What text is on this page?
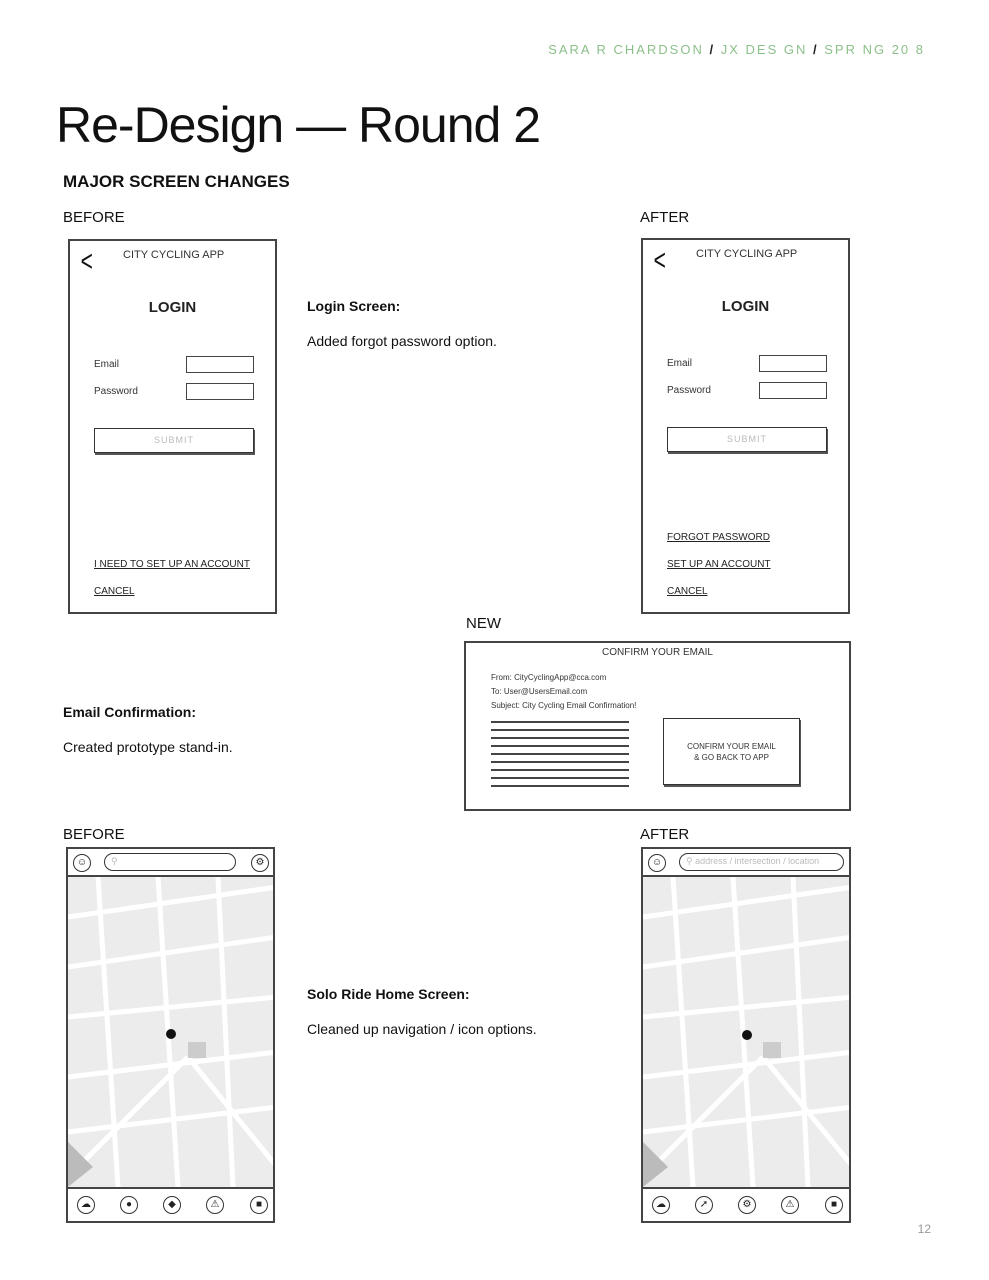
SARA R CHARDSON / JX DES GN / SPR NG 20 8
Re-Design — Round 2
MAJOR SCREEN CHANGES
BEFORE	AFTER
<	CITY CYCLING APP
LOGIN
Email
Password
SUBMIT
I NEED TO SET UP AN ACCOUNT
CANCEL
Login Screen:
Added forgot password option.
<	CITY CYCLING APP
LOGIN
Email
Password
SUBMIT
FORGOT PASSWORD
SET UP AN ACCOUNT
CANCEL
NEW
Email Confirmation:
Created prototype stand-in.
CONFIRM YOUR EMAIL
From: CityCyclingApp@cca.com
To: User@UsersEmail.com
Subject: City Cycling Email Confirmation!
CONFIRM YOUR EMAIL
& GO BACK TO APP
BEFORE	AFTER
☺	⚲	⚙
☁	●	◆	⚠	■
Solo Ride Home Screen:
Cleaned up navigation / icon options.
☺	⚲ address / intersection / location
☁	➚	⚙	⚠	■
12
